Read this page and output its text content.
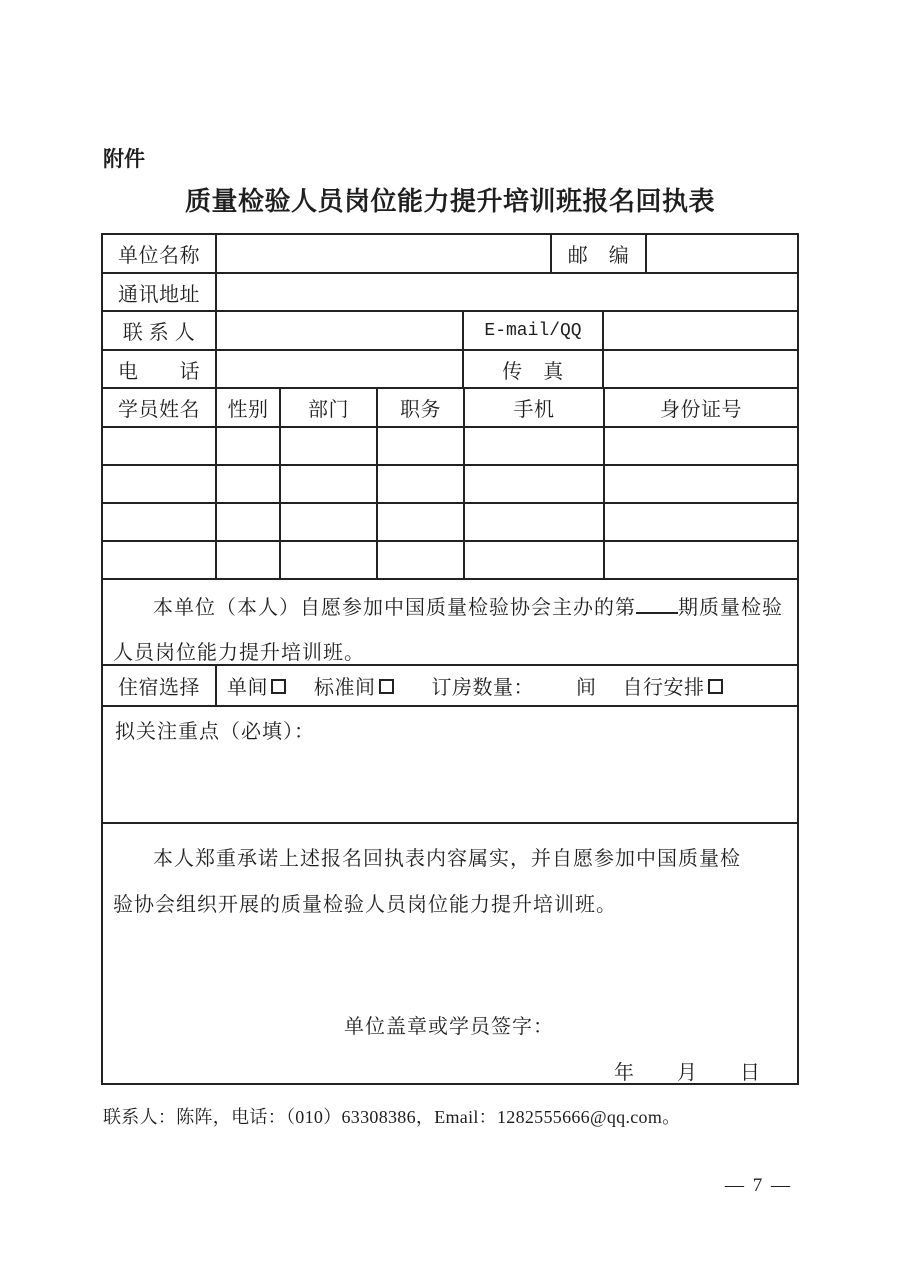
附件
质量检验人员岗位能力提升培训班报名回执表
单位名称	邮　编
通讯地址
联 系 人	E-mail/QQ
电　　话	传　真
学员姓名	性别	部门	职务	手机	身份证号
本单位（本人）自愿参加中国质量检验协会主办的第 期质量检验人员岗位能力提升培训班。
住宿选择	单间 标准间	订房数量： 间 自行安排
拟关注重点（必填）：
本人郑重承诺上述报名回执表内容属实，并自愿参加中国质量检
验协会组织开展的质量检验人员岗位能力提升培训班。
单位盖章或学员签字：
年　　月　　日
联系人：陈阵，电话：（010）63308386，Email：1282555666@qq.com。
— 7 —
